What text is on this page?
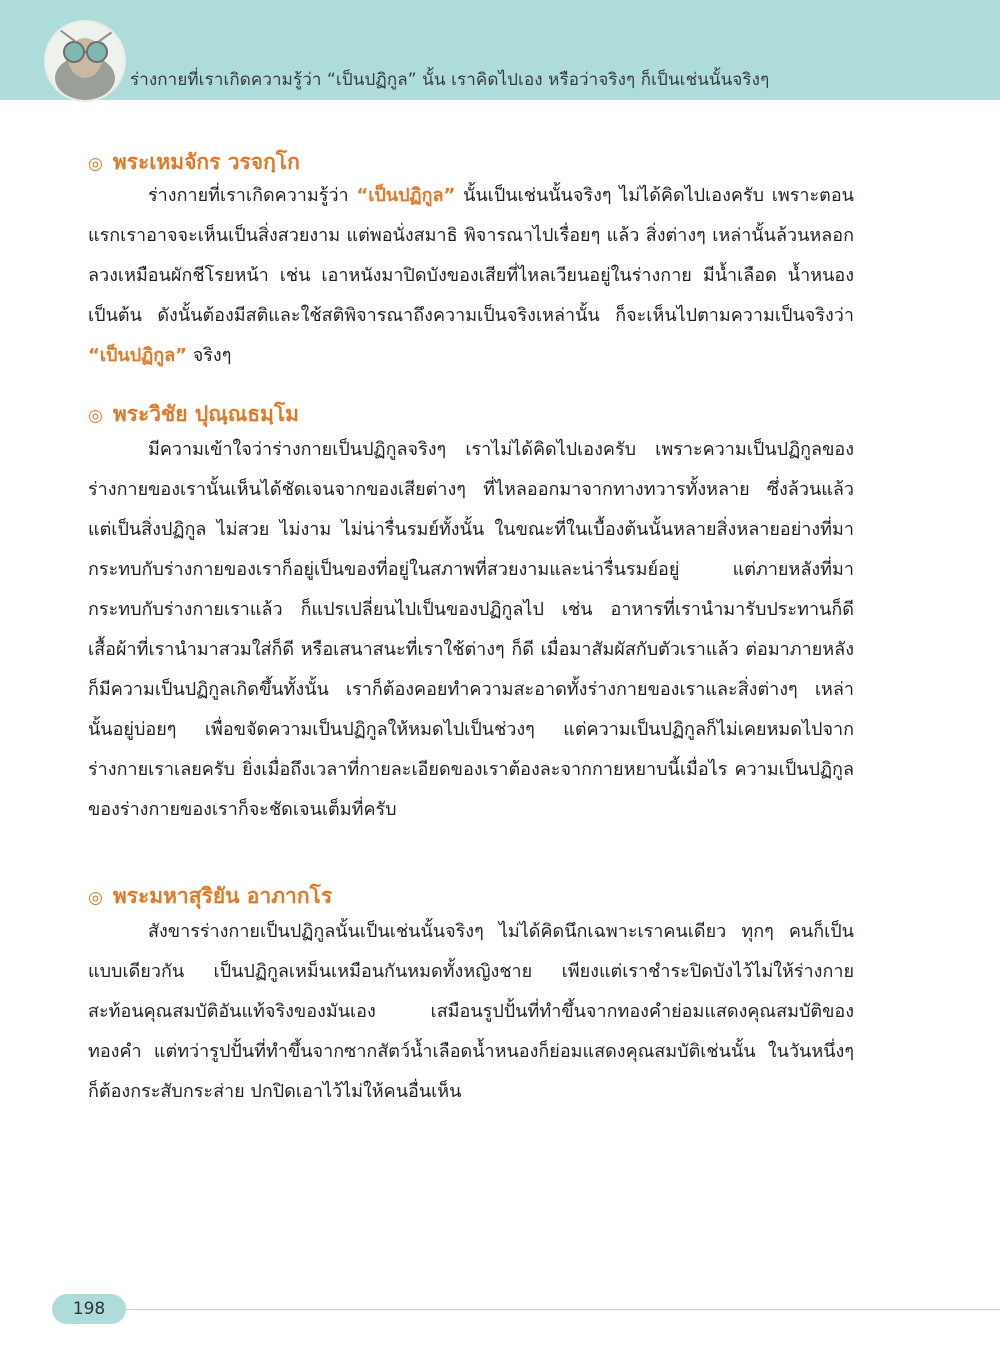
ร่างกายที่เราเกิดความรู้ว่า “เป็นปฏิกูล” นั้น เราคิดไปเอง หรือว่าจริงๆ ก็เป็นเช่นนั้นจริงๆ
◎ พระเหมจักร วรจกฺโก

ร่างกายที่เราเกิดความรู้ว่า “เป็นปฏิกูล” นั้นเป็นเช่นนั้นจริงๆ ไม่ได้คิดไปเองครับ เพราะตอนแรกเราอาจจะเห็นเป็นสิ่งสวยงาม แต่พอนั่งสมาธิ พิจารณาไปเรื่อยๆ แล้ว สิ่งต่างๆ เหล่านั้นล้วนหลอกลวงเหมือนผักชีโรยหน้า เช่น เอาหนังมาปิดบังของเสียที่ไหลเวียนอยู่ในร่างกาย มีน้ำเลือด น้ำหนอง เป็นต้น ดังนั้นต้องมีสติและใช้สติพิจารณาถึงความเป็นจริงเหล่านั้น ก็จะเห็นไปตามความเป็นจริงว่า “เป็นปฏิกูล” จริงๆ

◎ พระวิชัย ปุณฺณธมฺโม

มีความเข้าใจว่าร่างกายเป็นปฏิกูลจริงๆ เราไม่ได้คิดไปเองครับ เพราะความเป็นปฏิกูลของร่างกายของเรานั้นเห็นได้ชัดเจนจากของเสียต่างๆ ที่ไหลออกมาจากทางทวารทั้งหลาย ซึ่งล้วนแล้วแต่เป็นสิ่งปฏิกูล ไม่สวย ไม่งาม ไม่น่ารื่นรมย์ทั้งนั้น ในขณะที่ในเบื้องต้นนั้นหลายสิ่งหลายอย่างที่มากระทบกับร่างกายของเราก็อยู่เป็นของที่อยู่ในสภาพที่สวยงามและน่ารื่นรมย์อยู่ แต่ภายหลังที่มากระทบกับร่างกายเราแล้ว ก็แปรเปลี่ยนไปเป็นของปฏิกูลไป เช่น อาหารที่เรานำมารับประทานก็ดี เสื้อผ้าที่เรานำมาสวมใส่ก็ดี หรือเสนาสนะที่เราใช้ต่างๆ ก็ดี เมื่อมาสัมผัสกับตัวเราแล้ว ต่อมาภายหลังก็มีความเป็นปฏิกูลเกิดขึ้นทั้งนั้น เราก็ต้องคอยทำความสะอาดทั้งร่างกายของเราและสิ่งต่างๆ เหล่านั้นอยู่บ่อยๆ เพื่อขจัดความเป็นปฏิกูลให้หมดไปเป็นช่วงๆ แต่ความเป็นปฏิกูลก็ไม่เคยหมดไปจากร่างกายเราเลยครับ ยิ่งเมื่อถึงเวลาที่กายละเอียดของเราต้องละจากกายหยาบนี้เมื่อไร ความเป็นปฏิกูลของร่างกายของเราก็จะชัดเจนเต็มที่ครับ

◎ พระมหาสุริยัน อาภากโร

สังขารร่างกายเป็นปฏิกูลนั้นเป็นเช่นนั้นจริงๆ ไม่ได้คิดนึกเฉพาะเราคนเดียว ทุกๆ คนก็เป็นแบบเดียวกัน เป็นปฏิกูลเหม็นเหมือนกันหมดทั้งหญิงชาย เพียงแต่เราชำระปิดบังไว้ไม่ให้ร่างกายสะท้อนคุณสมบัติอันแท้จริงของมันเอง เสมือนรูปปั้นที่ทำขึ้นจากทองคำย่อมแสดงคุณสมบัติของทองคำ แต่ทว่ารูปปั้นที่ทำขึ้นจากซากสัตว์น้ำเลือดน้ำหนองก็ย่อมแสดงคุณสมบัติเช่นนั้น ในวันหนึ่งๆ ก็ต้องกระสับกระส่าย ปกปิดเอาไว้ไม่ให้คนอื่นเห็น

198
